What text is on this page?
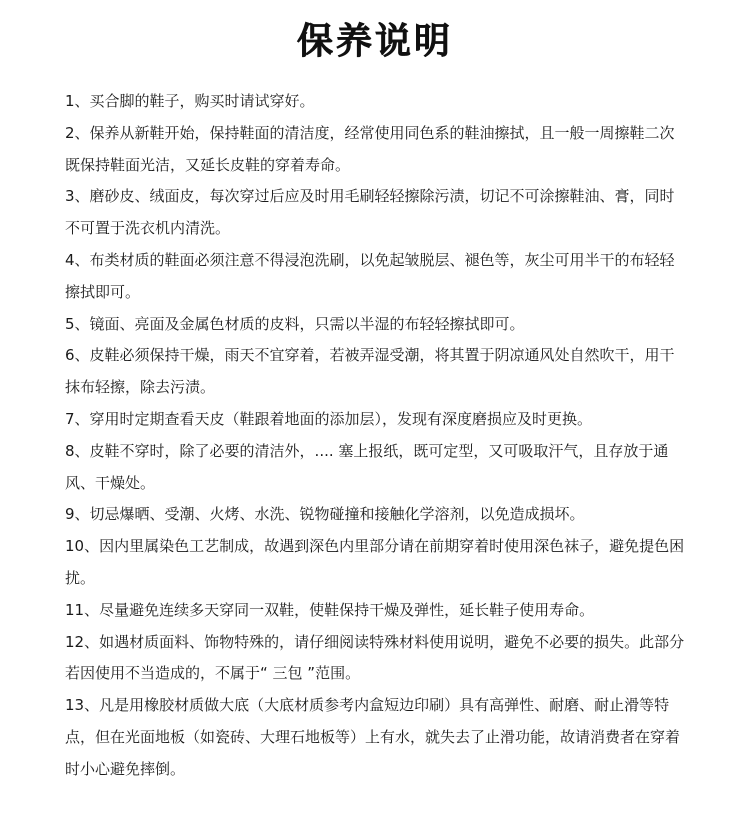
保养说明

1、买合脚的鞋子，购买时请试穿好。

2、保养从新鞋开始，保持鞋面的清洁度，经常使用同色系的鞋油擦拭，且一般一周擦鞋二次既保持鞋面光洁，又延长皮鞋的穿着寿命。

3、磨砂皮、绒面皮，每次穿过后应及时用毛刷轻轻擦除污渍，切记不可涂擦鞋油、膏，同时不可置于洗衣机内清洗。

4、布类材质的鞋面必须注意不得浸泡洗刷，以免起皱脱层、褪色等，灰尘可用半干的布轻轻擦拭即可。

5、镜面、亮面及金属色材质的皮料，只需以半湿的布轻轻擦拭即可。

6、皮鞋必须保持干燥，雨天不宜穿着，若被弄湿受潮，将其置于阴凉通风处自然吹干，用干抹布轻擦，除去污渍。

7、穿用时定期查看天皮（鞋跟着地面的添加层），发现有深度磨损应及时更换。

8、皮鞋不穿时，除了必要的清洁外，.... 塞上报纸，既可定型，又可吸取汗气，且存放于通风、干燥处。

9、切忌爆晒、受潮、火烤、水洗、锐物碰撞和接触化学溶剂，以免造成损坏。

10、因内里属染色工艺制成，故遇到深色内里部分请在前期穿着时使用深色袜子，避免提色困扰。

11、尽量避免连续多天穿同一双鞋，使鞋保持干燥及弹性，延长鞋子使用寿命。

12、如遇材质面料、饰物特殊的，请仔细阅读特殊材料使用说明，避免不必要的损失。此部分若因使用不当造成的，不属于“ 三包 ”范围。

13、凡是用橡胶材质做大底（大底材质参考内盒短边印刷）具有高弹性、耐磨、耐止滑等特点，但在光面地板（如瓷砖、大理石地板等）上有水，就失去了止滑功能，故请消费者在穿着时小心避免摔倒。
